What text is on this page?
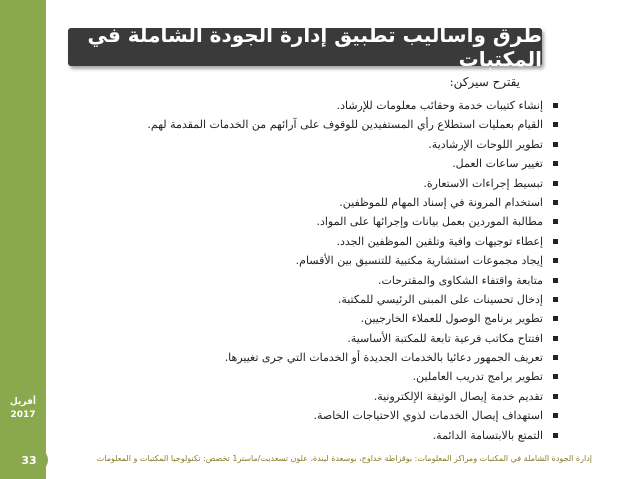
أفريل
2017
طرق وأساليب تطبيق إدارة الجودة الشاملة في المكتبات
يقترح سيركن:
إنشاء كتيبات خدمة وحقائب معلومات للإرشاد.
القيام بعمليات استطلاع رأي المستفيدين للوقوف على آرائهم من الخدمات المقدمة لهم.
تطوير اللوحات الإرشادية.
تغيير ساعات العمل.
تبسيط إجراءات الاستعارة.
استخدام المرونة في إسناد المهام للموظفين.
مطالبة الموردين بعمل بيانات وإجرائها على المواد.
إعطاء توجيهات وافية وتلقين الموظفين الجدد.
إيجاد مجموعات استشارية مكتبية للتنسيق بين الأقسام.
متابعة واقتفاء الشكاوى والمقترحات.
إدخال تحسينات على المبنى الرئيسي للمكتبة.
تطوير برنامج الوصول للعملاء الخارجيين.
افتتاح مكاتب فرعية تابعة للمكتبة الأساسية.
تعريف الجمهور دعائيا بالخدمات الجديدة أو الخدمات التي جرى تغييرها.
تطوير برامج تدريب العاملين.
تقديم خدمة إيصال الوثيقة الإلكترونية.
استهداف إيصال الخدمات لذوي الاحتياجات الخاصة.
التمتع بالابتسامة الدائمة.
إدارة الجودة الشاملة في المكتبات ومراكز المعلومات: بوقزاطة خداوج، بوسعدة ليندة، علون تسعديت/ماستر1 تخصص: تكنولوجيا المكتبات و المعلومات
33
